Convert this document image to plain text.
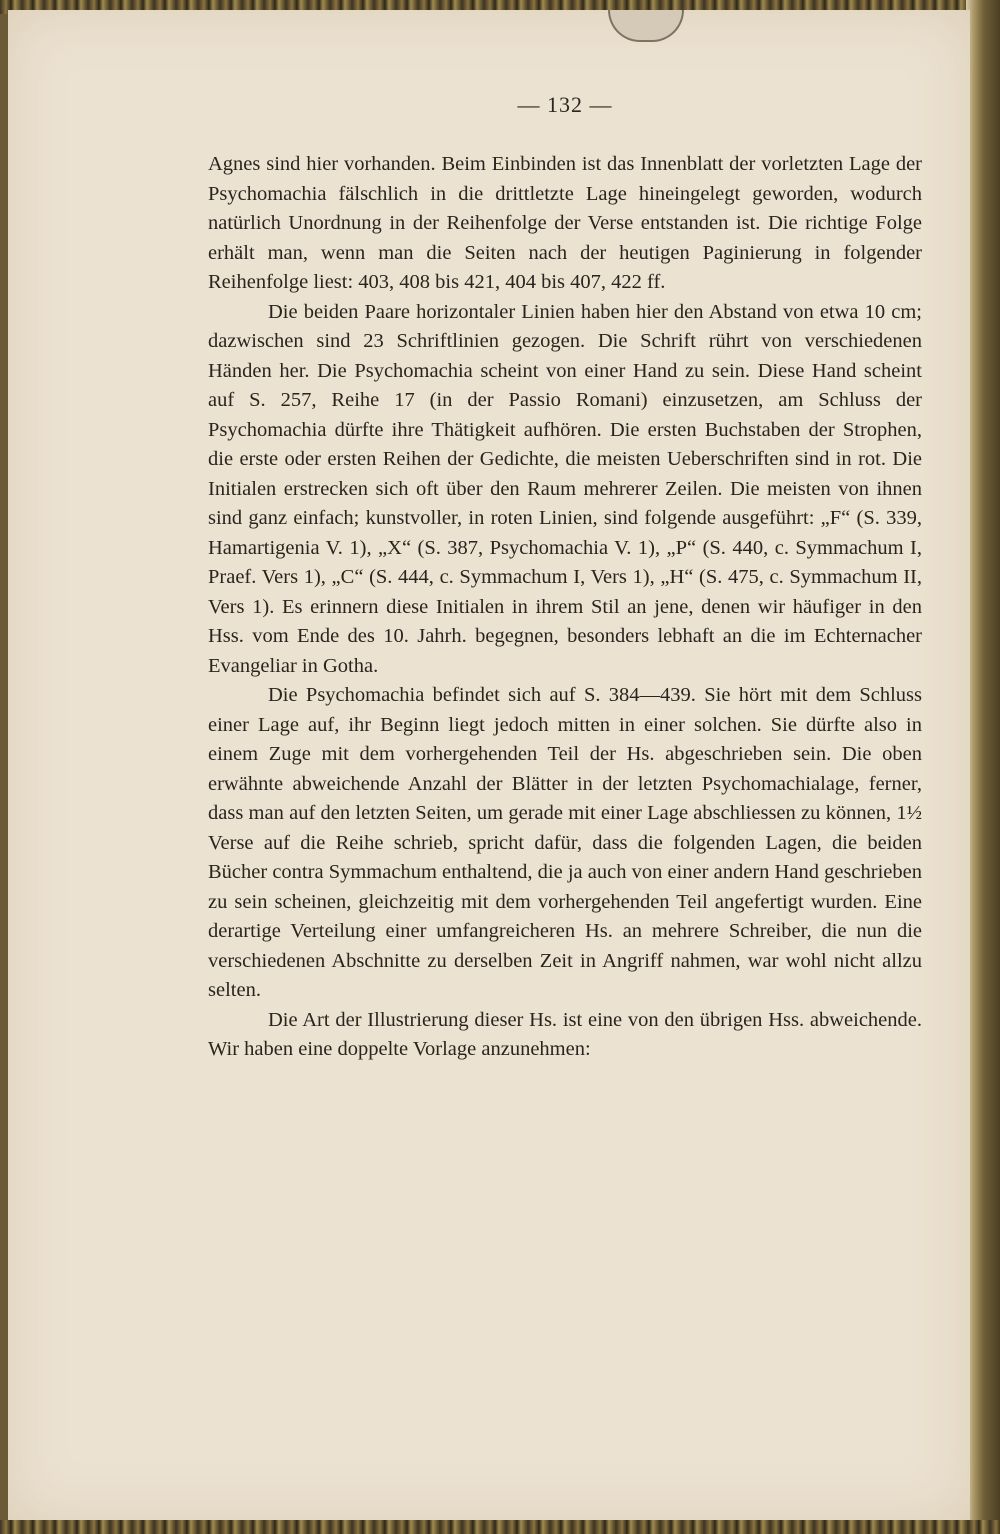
— 132 —

Agnes sind hier vorhanden. Beim Einbinden ist das Innenblatt der vorletzten Lage der Psychomachia fälschlich in die drittletzte Lage hineingelegt geworden, wodurch natürlich Unordnung in der Reihenfolge der Verse entstanden ist. Die richtige Folge erhält man, wenn man die Seiten nach der heutigen Paginierung in folgender Reihenfolge liest: 403, 408 bis 421, 404 bis 407, 422 ff.

Die beiden Paare horizontaler Linien haben hier den Abstand von etwa 10 cm; dazwischen sind 23 Schriftlinien gezogen. Die Schrift rührt von verschiedenen Händen her. Die Psychomachia scheint von einer Hand zu sein. Diese Hand scheint auf S. 257, Reihe 17 (in der Passio Romani) einzusetzen, am Schluss der Psychomachia dürfte ihre Thätigkeit aufhören. Die ersten Buchstaben der Strophen, die erste oder ersten Reihen der Gedichte, die meisten Ueberschriften sind in rot. Die Initialen erstrecken sich oft über den Raum mehrerer Zeilen. Die meisten von ihnen sind ganz einfach; kunstvoller, in roten Linien, sind folgende ausgeführt: „F“ (S. 339, Hamartigenia V. 1), „X“ (S. 387, Psychomachia V. 1), „P“ (S. 440, c. Symmachum I, Praef. Vers 1), „C“ (S. 444, c. Symmachum I, Vers 1), „H“ (S. 475, c. Symmachum II, Vers 1). Es erinnern diese Initialen in ihrem Stil an jene, denen wir häufiger in den Hss. vom Ende des 10. Jahrh. begegnen, besonders lebhaft an die im Echternacher Evangeliar in Gotha.

Die Psychomachia befindet sich auf S. 384—439. Sie hört mit dem Schluss einer Lage auf, ihr Beginn liegt jedoch mitten in einer solchen. Sie dürfte also in einem Zuge mit dem vorhergehenden Teil der Hs. abgeschrieben sein. Die oben erwähnte abweichende Anzahl der Blätter in der letzten Psychomachialage, ferner, dass man auf den letzten Seiten, um gerade mit einer Lage abschliessen zu können, 1½ Verse auf die Reihe schrieb, spricht dafür, dass die folgenden Lagen, die beiden Bücher contra Symmachum enthaltend, die ja auch von einer andern Hand geschrieben zu sein scheinen, gleichzeitig mit dem vorhergehenden Teil angefertigt wurden. Eine derartige Verteilung einer umfangreicheren Hs. an mehrere Schreiber, die nun die verschiedenen Abschnitte zu derselben Zeit in Angriff nahmen, war wohl nicht allzu selten.

Die Art der Illustrierung dieser Hs. ist eine von den übrigen Hss. abweichende. Wir haben eine doppelte Vorlage anzunehmen:
